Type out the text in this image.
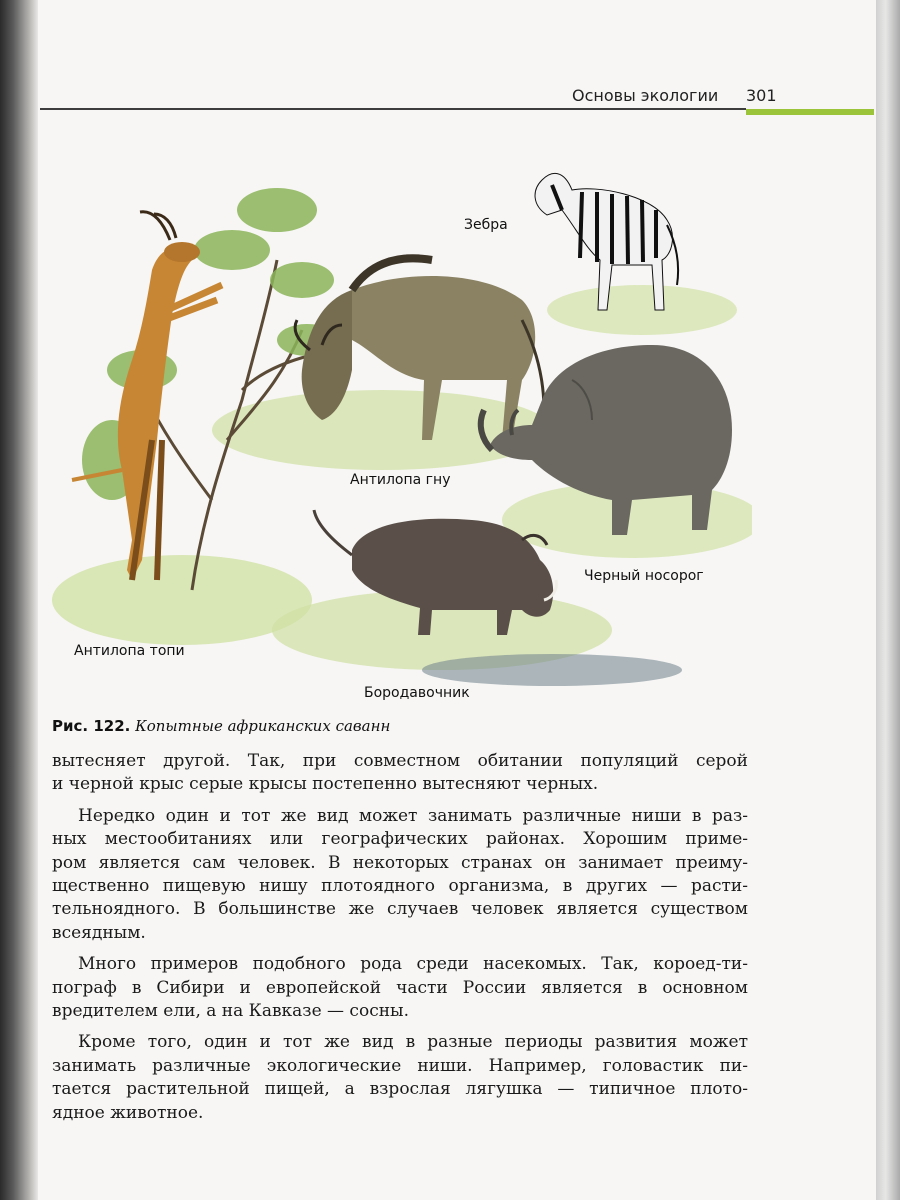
Основы экологии 301
Зебра
Антилопа гну
Черный носорог
Антилопа топи
Бородавочник
Рис. 122. Копытные африканских саванн
вытесняет другой. Так, при совместном обитании популяций серой
и черной крыс серые крысы постепенно вытесняют черных.
Нередко один и тот же вид может занимать различные ниши в раз-
ных местообитаниях или географических районах. Хорошим приме-
ром является сам человек. В некоторых странах он занимает преиму-
щественно пищевую нишу плотоядного организма, в других — расти-
тельноядного. В большинстве же случаев человек является существом
всеядным.
Много примеров подобного рода среди насекомых. Так, короед-ти-
пограф в Сибири и европейской части России является в основном
вредителем ели, а на Кавказе — сосны.
Кроме того, один и тот же вид в разные периоды развития может
занимать различные экологические ниши. Например, головастик пи-
тается растительной пищей, а взрослая лягушка — типичное плото-
ядное животное.
